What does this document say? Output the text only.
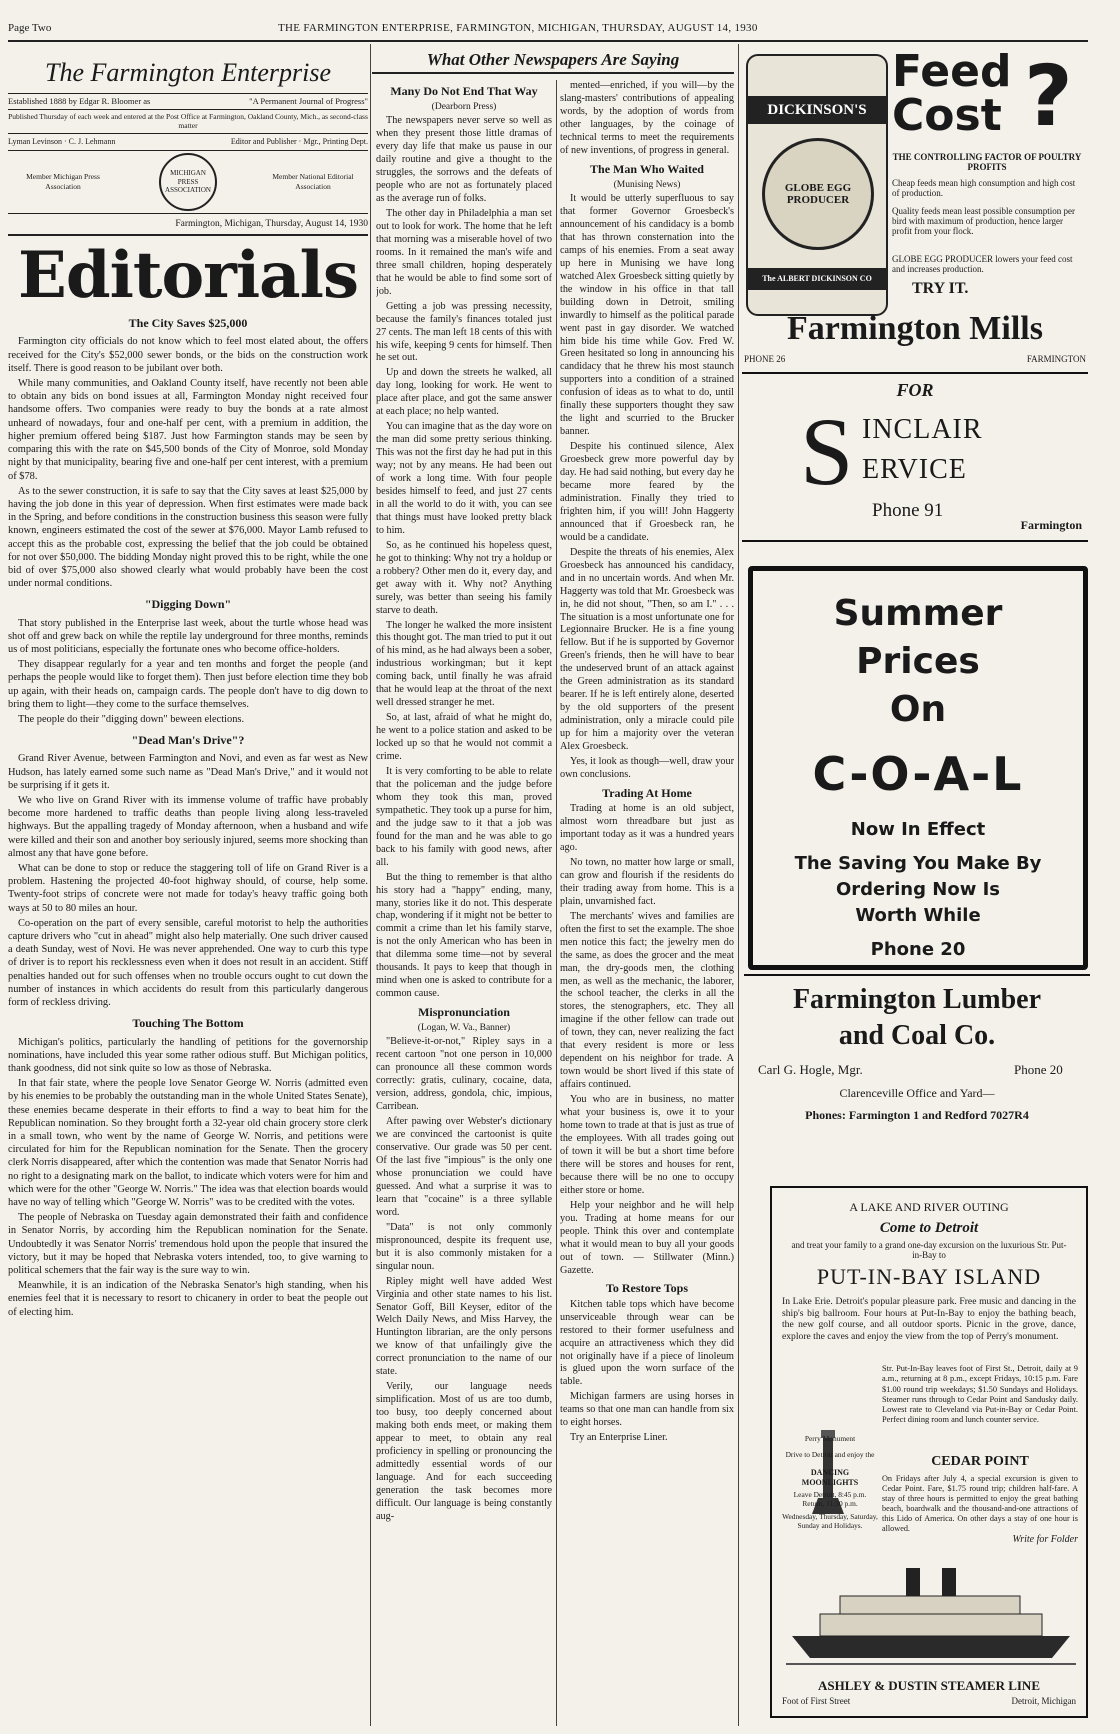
Page Two	THE FARMINGTON ENTERPRISE, FARMINGTON, MICHIGAN, THURSDAY, AUGUST 14, 1930
The Farmington Enterprise
Established 1888 by Edgar R. Bloomer as	"A Permanent Journal of Progress"
Published Thursday of each week and entered at the Post Office at Farmington, Oakland County, Mich., as second-class matter
Lyman Levinson · C. J. Lehmann	Editor and Publisher · Mgr., Printing Dept.
Member Michigan Press Association
MICHIGAN PRESS ASSOCIATION
Member National Editorial Association
Farmington, Michigan, Thursday, August 14, 1930
Editorials
The City Saves $25,000

Farmington city officials do not know which to feel most elated about, the offers received for the City's $52,000 sewer bonds, or the bids on the construction work itself. There is good reason to be jubilant over both.

While many communities, and Oakland County itself, have recently not been able to obtain any bids on bond issues at all, Farmington Monday night received four handsome offers. Two companies were ready to buy the bonds at a rate almost unheard of nowadays, four and one-half per cent, with a premium in addition, the higher premium offered being $187. Just how Farmington stands may be seen by comparing this with the rate on $45,500 bonds of the City of Monroe, sold Monday night by that municipality, bearing five and one-half per cent interest, with a premium of $78.

As to the sewer construction, it is safe to say that the City saves at least $25,000 by having the job done in this year of depression. When first estimates were made back in the Spring, and before conditions in the construction business this season were fully known, engineers estimated the cost of the sewer at $76,000. Mayor Lamb refused to accept this as the probable cost, expressing the belief that the job could be obtained for not over $50,000. The bidding Monday night proved this to be right, while the one bid of over $75,000 also showed clearly what would probably have been the cost under normal conditions.

"Digging Down"

That story published in the Enterprise last week, about the turtle whose head was shot off and grew back on while the reptile lay underground for three months, reminds us of most politicians, especially the fortunate ones who become office-holders.

They disappear regularly for a year and ten months and forget the people (and perhaps the people would like to forget them). Then just before election time they bob up again, with their heads on, campaign cards. The people don't have to dig down to bring them to light—they come to the surface themselves.

The people do their "digging down" beween elections.

"Dead Man's Drive"?

Grand River Avenue, between Farmington and Novi, and even as far west as New Hudson, has lately earned some such name as "Dead Man's Drive," and it would not be surprising if it gets it.

We who live on Grand River with its immense volume of traffic have probably become more hardened to traffic deaths than people living along less-traveled highways. But the appalling tragedy of Monday afternoon, when a husband and wife were killed and their son and another boy seriously injured, seems more shocking than almost any that have gone before.

What can be done to stop or reduce the staggering toll of life on Grand River is a problem. Hastening the projected 40-foot highway should, of course, help some. Twenty-foot strips of concrete were not made for today's heavy traffic going both ways at 50 to 80 miles an hour.

Co-operation on the part of every sensible, careful motorist to help the authorities capture drivers who "cut in ahead" might also help materially. One such driver caused a death Sunday, west of Novi. He was never apprehended. One way to curb this type of driver is to report his recklessness even when it does not result in an accident. Stiff penalties handed out for such offenses when no trouble occurs ought to cut down the number of instances in which accidents do result from this particularly dangerous form of reckless driving.

Touching The Bottom

Michigan's politics, particularly the handling of petitions for the governorship nominations, have included this year some rather odious stuff. But Michigan politics, thank goodness, did not sink quite so low as those of Nebraska.

In that fair state, where the people love Senator George W. Norris (admitted even by his enemies to be probably the outstanding man in the whole United States Senate), these enemies became desperate in their efforts to find a way to beat him for the Republican nomination. So they brought forth a 32-year old chain grocery store clerk in a small town, who went by the name of George W. Norris, and petitions were circulated for him for the Republican nomination for the Senate. Then the grocery clerk Norris disappeared, after which the contention was made that Senator Norris had no right to a designating mark on the ballot, to indicate which voters were for him and which were for the other "George W. Norris." The idea was that election boards would have no way of telling which "George W. Norris" was to be credited with the votes.

The people of Nebraska on Tuesday again demonstrated their faith and confidence in Senator Norris, by according him the Republican nomination for the Senate. Undoubtedly it was Senator Norris' tremendous hold upon the people that insured the victory, but it may be hoped that Nebraska voters intended, too, to give warning to political schemers that the fair way is the sure way to win.

Meanwhile, it is an indication of the Nebraska Senator's high standing, when his enemies feel that it is necessary to resort to chicanery in order to beat the people out of electing him.

What Other Newspapers Are Saying
Many Do Not End That Way
(Dearborn Press)

The newspapers never serve so well as when they present those little dramas of every day life that make us pause in our daily routine and give a thought to the struggles, the sorrows and the defeats of people who are not as fortunately placed as the average run of folks.

The other day in Philadelphia a man set out to look for work. The home that he left that morning was a miserable hovel of two rooms. In it remained the man's wife and three small children, hoping desperately that he would be able to find some sort of job.

Getting a job was pressing necessity, because the family's finances totaled just 27 cents. The man left 18 cents of this with his wife, keeping 9 cents for himself. Then he set out.

Up and down the streets he walked, all day long, looking for work. He went to place after place, and got the same answer at each place; no help wanted.

You can imagine that as the day wore on the man did some pretty serious thinking. This was not the first day he had put in this way; not by any means. He had been out of work a long time. With four people besides himself to feed, and just 27 cents in all the world to do it with, you can see that things must have looked pretty black to him.

So, as he continued his hopeless quest, he got to thinking: Why not try a holdup or a robbery? Other men do it, every day, and get away with it. Why not? Anything surely, was better than seeing his family starve to death.

The longer he walked the more insistent this thought got. The man tried to put it out of his mind, as he had always been a sober, industrious workingman; but it kept coming back, until finally he was afraid that he would leap at the throat of the next well dressed stranger he met.

So, at last, afraid of what he might do, he went to a police station and asked to be locked up so that he would not commit a crime.

It is very comforting to be able to relate that the policeman and the judge before whom they took this man, proved sympathetic. They took up a purse for him, and the judge saw to it that a job was found for the man and he was able to go back to his family with good news, after all.

But the thing to remember is that altho his story had a "happy" ending, many, many, stories like it do not. This desperate chap, wondering if it might not be better to commit a crime than let his family starve, is not the only American who has been in that dilemma some time—not by several thousands. It pays to keep that though in mind when one is asked to contribute for a common cause.

Mispronunciation
(Logan, W. Va., Banner)

"Believe-it-or-not," Ripley says in a recent cartoon "not one person in 10,000 can pronounce all these common words correctly: gratis, culinary, cocaine, data, version, address, gondola, chic, impious, Carribean.

After pawing over Webster's dictionary we are convinced the cartoonist is quite conservative. Our grade was 50 per cent. Of the last five "impious" is the only one whose pronunciation we could have guessed. And what a surprise it was to learn that "cocaine" is a three syllable word.

"Data" is not only commonly mispronounced, despite its frequent use, but it is also commonly mistaken for a singular noun.

Ripley might well have added West Virginia and other state names to his list. Senator Goff, Bill Keyser, editor of the Welch Daily News, and Miss Harvey, the Huntington librarian, are the only persons we know of that unfailingly give the correct pronunciation to the name of our state.

Verily, our language needs simplification. Most of us are too dumb, too busy, too deeply concerned about making both ends meet, or making them appear to meet, to obtain any real proficiency in spelling or pronouncing the admittedly essential words of our language. And for each succeeding generation the task becomes more difficult. Our language is being constantly aug-

mented—enriched, if you will—by the slang-masters' contributions of appealing words, by the adoption of words from other languages, by the coinage of technical terms to meet the requirements of new inventions, of progress in general.

The Man Who Waited
(Munising News)

It would be utterly superfluous to say that former Governor Groesbeck's announcement of his candidacy is a bomb that has thrown consternation into the camps of his enemies. From a seat away up here in Munising we have long watched Alex Groesbeck sitting quietly by the window in his office in that tall building down in Detroit, smiling inwardly to himself as the political parade went past in gay disorder. We watched him bide his time while Gov. Fred W. Green hesitated so long in announcing his candidacy that he threw his most staunch supporters into a condition of a strained confusion of ideas as to what to do, until finally these supporters thought they saw the light and scurried to the Brucker banner.

Despite his continued silence, Alex Groesbeck grew more powerful day by day. He had said nothing, but every day he became more feared by the administration. Finally they tried to frighten him, if you will! John Haggerty announced that if Groesbeck ran, he would be a candidate.

Despite the threats of his enemies, Alex Groesbeck has announced his candidacy, and in no uncertain words. And when Mr. Haggerty was told that Mr. Groesbeck was in, he did not shout, "Then, so am I." . . . The situation is a most unfortunate one for Legionnaire Brucker. He is a fine young fellow. But if he is supported by Governor Green's friends, then he will have to bear the undeserved brunt of an attack against the Green administration as its standard bearer. If he is left entirely alone, deserted by the old supporters of the present administration, only a miracle could pile up for him a majority over the veteran Alex Groesbeck.

Yes, it look as though—well, draw your own conclusions.

Trading At Home

Trading at home is an old subject, almost worn threadbare but just as important today as it was a hundred years ago.

No town, no matter how large or small, can grow and flourish if the residents do their trading away from home. This is a plain, unvarnished fact.

The merchants' wives and families are often the first to set the example. The shoe men notice this fact; the jewelry men do the same, as does the grocer and the meat man, the dry-goods men, the clothing men, as well as the mechanic, the laborer, the school teacher, the clerks in all the stores, the stenographers, etc. They all imagine if the other fellow can trade out of town, they can, never realizing the fact that every resident is more or less dependent on his neighbor for trade. A town would be short lived if this state of affairs continued.

You who are in business, no matter what your business is, owe it to your home town to trade at that is just as true of the employees. With all trades going out of town it will be but a short time before there will be stores and houses for rent, because there will be no one to occupy either store or home.

Help your neighbor and he will help you. Trading at home means for our people. Think this over and contemplate what it would mean to buy all your goods out of town. — Stillwater (Minn.) Gazette.

To Restore Tops

Kitchen table tops which have become unserviceable through wear can be restored to their former usefulness and acquire an attractiveness which they did not originally have if a piece of linoleum is glued upon the worn surface of the table.

Michigan farmers are using horses in teams so that one man can handle from six to eight horses.

Try an Enterprise Liner.

DICKINSON'S
GLOBE EGG PRODUCER
The ALBERT DICKINSON CO
Feed
Cost ?
THE CONTROLLING FACTOR OF POULTRY PROFITS
Cheap feeds mean high consumption and high cost of production.
Quality feeds mean least possible consumption per bird with maximum of production, hence larger profit from your flock.
GLOBE EGG PRODUCER lowers your feed cost and increases production.
TRY IT.
Farmington Mills
PHONE 26	FARMINGTON
FOR
S INCLAIR
ERVICE
Phone 91
Farmington
Summer
Prices
On
C-O-A-L
Now In Effect
The Saving You Make By
Ordering Now Is
Worth While
Phone 20
Farmington Lumber
and Coal Co.
Carl G. Hogle, Mgr.	Phone 20
Clarenceville Office and Yard—
Phones: Farmington 1 and Redford 7027R4
A LAKE AND RIVER OUTING
Come to Detroit
and treat your family to a grand one-day excursion on the luxurious Str. Put-in-Bay to
PUT-IN-BAY ISLAND
In Lake Erie. Detroit's popular pleasure park. Free music and dancing in the ship's big ballroom. Four hours at Put-In-Bay to enjoy the bathing beach, the new golf course, and all outdoor sports. Picnic in the grove, dance, explore the caves and enjoy the view from the top of Perry's monument.
Str. Put-In-Bay leaves foot of First St., Detroit, daily at 9 a.m., returning at 8 p.m., except Fridays, 10:15 p.m. Fare $1.00 round trip weekdays; $1.50 Sundays and Holidays. Steamer runs through to Cedar Point and Sandusky daily. Lowest rate to Cleveland via Put-in-Bay or Cedar Point. Perfect dining room and lunch counter service.
Perry Monument
Drive to Detroit and enjoy the
DANCING MOONLIGHTS
Leave Detroit, 8:45 p.m. Return, 11:30 p.m.
Wednesday, Thursday, Saturday, Sunday and Holidays.
CEDAR POINT
On Fridays after July 4, a special excursion is given to Cedar Point. Fare, $1.75 round trip; children half-fare. A stay of three hours is permitted to enjoy the great bathing beach, boardwalk and the thousand-and-one attractions of this Lido of America. On other days a stay of one hour is allowed.
Write for Folder
ASHLEY & DUSTIN STEAMER LINE
Foot of First Street	Detroit, Michigan
